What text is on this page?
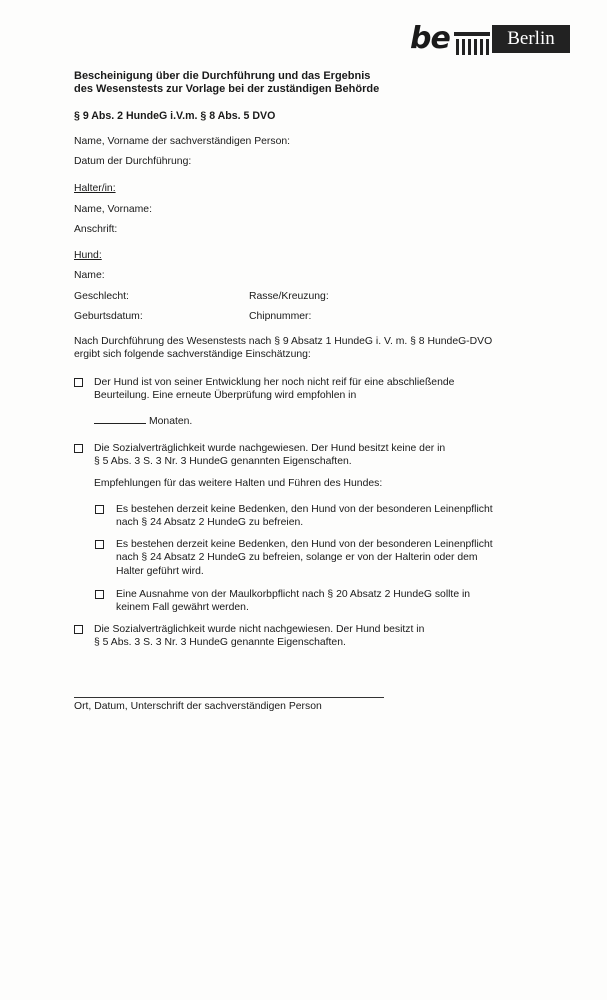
be	Berlin
Bescheinigung über die Durchführung und das Ergebnis
des Wesenstests zur Vorlage bei der zuständigen Behörde
§ 9 Abs. 2 HundeG i.V.m. § 8 Abs. 5 DVO
Name, Vorname der sachverständigen Person:
Datum der Durchführung:
Halter/in:
Name, Vorname:
Anschrift:
Hund:
Name:
Geschlecht:	Rasse/Kreuzung:
Geburtsdatum:	Chipnummer:
Nach Durchführung des Wesenstests nach § 9 Absatz 1 HundeG i. V. m. § 8 HundeG-DVO
ergibt sich folgende sachverständige Einschätzung:
Der Hund ist von seiner Entwicklung her noch nicht reif für eine abschließende
Beurteilung. Eine erneute Überprüfung wird empfohlen in
Monaten.
Die Sozialverträglichkeit wurde nachgewiesen. Der Hund besitzt keine der in
§ 5 Abs. 3 S. 3 Nr. 3 HundeG genannten Eigenschaften.
Empfehlungen für das weitere Halten und Führen des Hundes:
Es bestehen derzeit keine Bedenken, den Hund von der besonderen Leinenpflicht
nach § 24 Absatz 2 HundeG zu befreien.
Es bestehen derzeit keine Bedenken, den Hund von der besonderen Leinenpflicht
nach § 24 Absatz 2 HundeG zu befreien, solange er von der Halterin oder dem
Halter geführt wird.
Eine Ausnahme von der Maulkorbpflicht nach § 20 Absatz 2 HundeG sollte in
keinem Fall gewährt werden.
Die Sozialverträglichkeit wurde nicht nachgewiesen. Der Hund besitzt in
§ 5 Abs. 3 S. 3 Nr. 3 HundeG genannte Eigenschaften.
Ort, Datum, Unterschrift der sachverständigen Person
